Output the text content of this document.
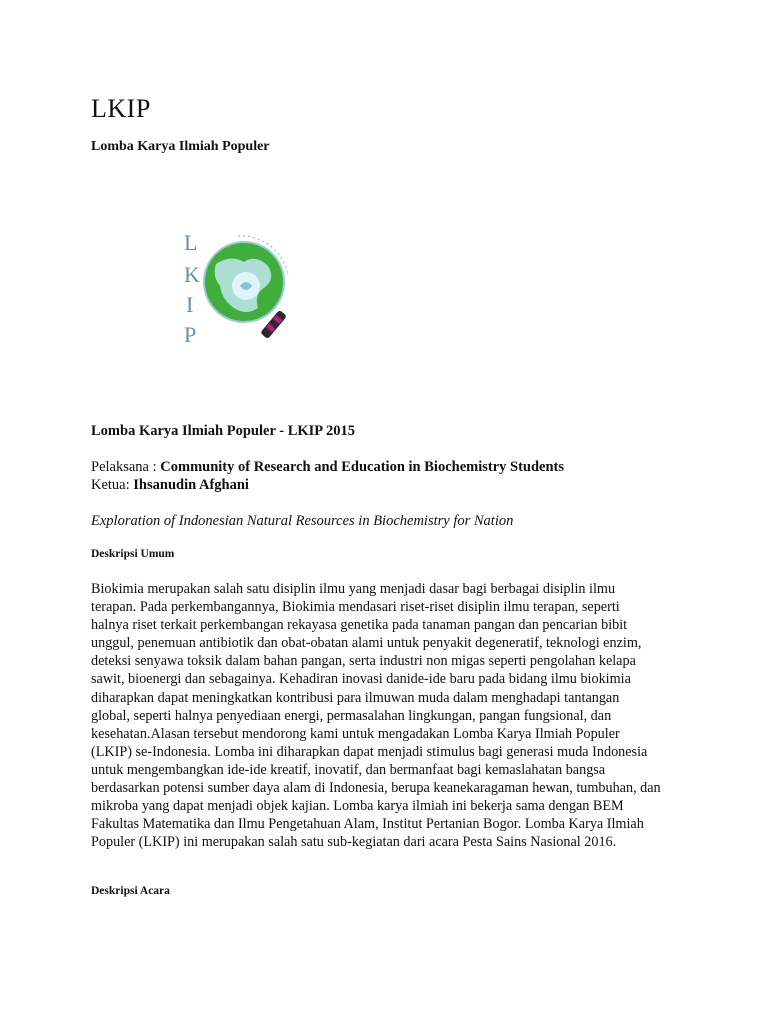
LKIP

Lomba Karya Ilmiah Populer

L
K
I
P

Lomba Karya Ilmiah Populer - LKIP 2015

Pelaksana : Community of Research and Education in Biochemistry Students

Ketua: Ihsanudin Afghani

Exploration of Indonesian Natural Resources in Biochemistry for Nation

Deskripsi Umum

Biokimia merupakan salah satu disiplin ilmu yang menjadi dasar bagi berbagai disiplin ilmu terapan. Pada perkembangannya, Biokimia mendasari riset-riset disiplin ilmu terapan, seperti halnya riset terkait perkembangan rekayasa genetika pada tanaman pangan dan pencarian bibit unggul, penemuan antibiotik dan obat-obatan alami untuk penyakit degeneratif, teknologi enzim, deteksi senyawa toksik dalam bahan pangan, serta industri non migas seperti pengolahan kelapa sawit, bioenergi dan sebagainya. Kehadiran inovasi danide-ide baru pada bidang ilmu biokimia diharapkan dapat meningkatkan kontribusi para ilmuwan muda dalam menghadapi tantangan global, seperti halnya penyediaan energi, permasalahan lingkungan, pangan fungsional, dan kesehatan.Alasan tersebut mendorong kami untuk mengadakan Lomba Karya Ilmiah Populer (LKIP) se-Indonesia. Lomba ini diharapkan dapat menjadi stimulus bagi generasi muda Indonesia untuk mengembangkan ide-ide kreatif, inovatif, dan bermanfaat bagi kemaslahatan bangsa berdasarkan potensi sumber daya alam di Indonesia, berupa keanekaragaman hewan, tumbuhan, dan mikroba yang dapat menjadi objek kajian. Lomba karya ilmiah ini bekerja sama dengan BEM Fakultas Matematika dan Ilmu Pengetahuan Alam, Institut Pertanian Bogor. Lomba Karya Ilmiah Populer (LKIP) ini merupakan salah satu sub-kegiatan dari acara Pesta Sains Nasional 2016.

Deskripsi Acara
